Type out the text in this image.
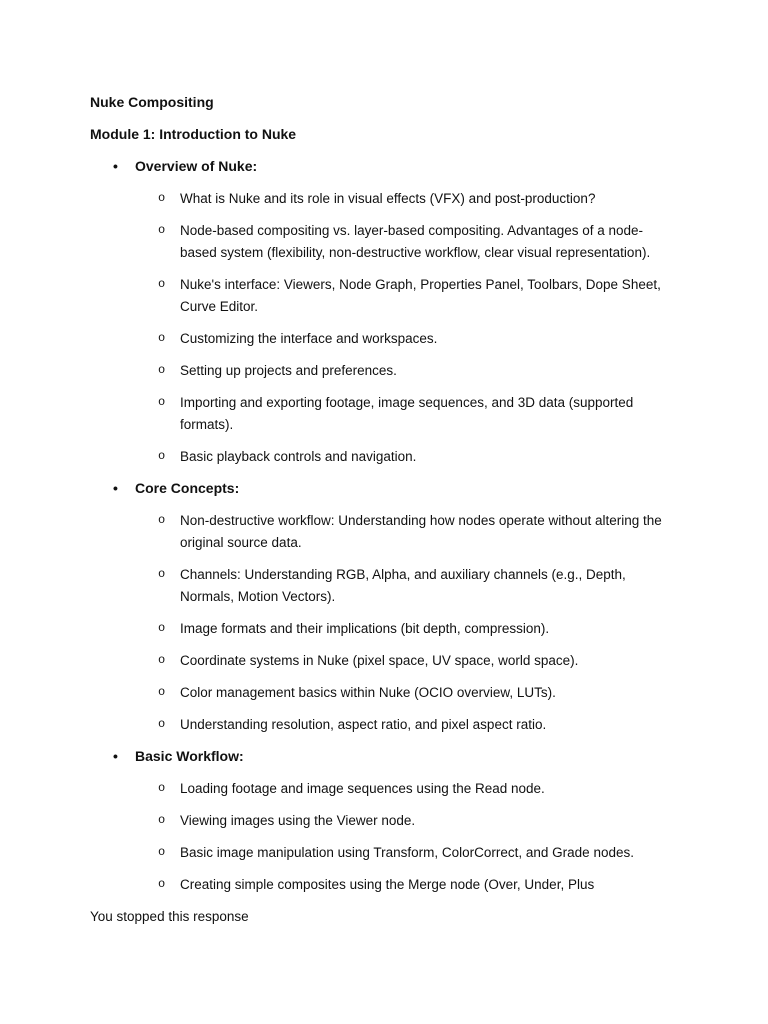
Nuke Compositing
Module 1: Introduction to Nuke
• Overview of Nuke:
o What is Nuke and its role in visual effects (VFX) and post-production?
o Node-based compositing vs. layer-based compositing. Advantages of a node-based system (flexibility, non-destructive workflow, clear visual representation).
o Nuke's interface: Viewers, Node Graph, Properties Panel, Toolbars, Dope Sheet, Curve Editor.
o Customizing the interface and workspaces.
o Setting up projects and preferences.
o Importing and exporting footage, image sequences, and 3D data (supported formats).
o Basic playback controls and navigation.
• Core Concepts:
o Non-destructive workflow: Understanding how nodes operate without altering the original source data.
o Channels: Understanding RGB, Alpha, and auxiliary channels (e.g., Depth, Normals, Motion Vectors).
o Image formats and their implications (bit depth, compression).
o Coordinate systems in Nuke (pixel space, UV space, world space).
o Color management basics within Nuke (OCIO overview, LUTs).
o Understanding resolution, aspect ratio, and pixel aspect ratio.
• Basic Workflow:
o Loading footage and image sequences using the Read node.
o Viewing images using the Viewer node.
o Basic image manipulation using Transform, ColorCorrect, and Grade nodes.
o Creating simple composites using the Merge node (Over, Under, Plus
You stopped this response
